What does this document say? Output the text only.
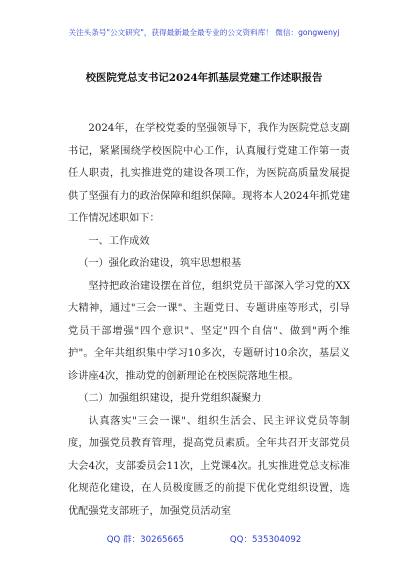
关注头条号"公文研究"，获得最新最全最专业的公文资料库！ 微信：gongwenyj
校医院党总支书记2024年抓基层党建工作述职报告

2024年，在学校党委的坚强领导下，我作为医院党总支副书记，紧紧围绕学校医院中心工作，认真履行党建工作第一责任人职责，扎实推进党的建设各项工作，为医院高质量发展提供了坚强有力的政治保障和组织保障。现将本人2024年抓党建工作情况述职如下：

一、工作成效

（一）强化政治建设，筑牢思想根基

坚持把政治建设摆在首位，组织党员干部深入学习党的XX大精神，通过"三会一课"、主题党日、专题讲座等形式，引导党员干部增强"四个意识"、坚定"四个自信"、做到"两个维护"。全年共组织集中学习10多次，专题研讨10余次，基层义诊讲座4次，推动党的创新理论在校医院落地生根。

（二）加强组织建设，提升党组织凝聚力

认真落实"三会一课"、组织生活会、民主评议党员等制度，加强党员教育管理，提高党员素质。全年共召开支部党员大会4次，支部委员会11次，上党课4次。扎实推进党总支标准化规范化建设，在人员极度匮乏的前提下优化党组织设置，选优配强党支部班子，加强党员活动室

QQ 群：30265665	QQ：535304092
